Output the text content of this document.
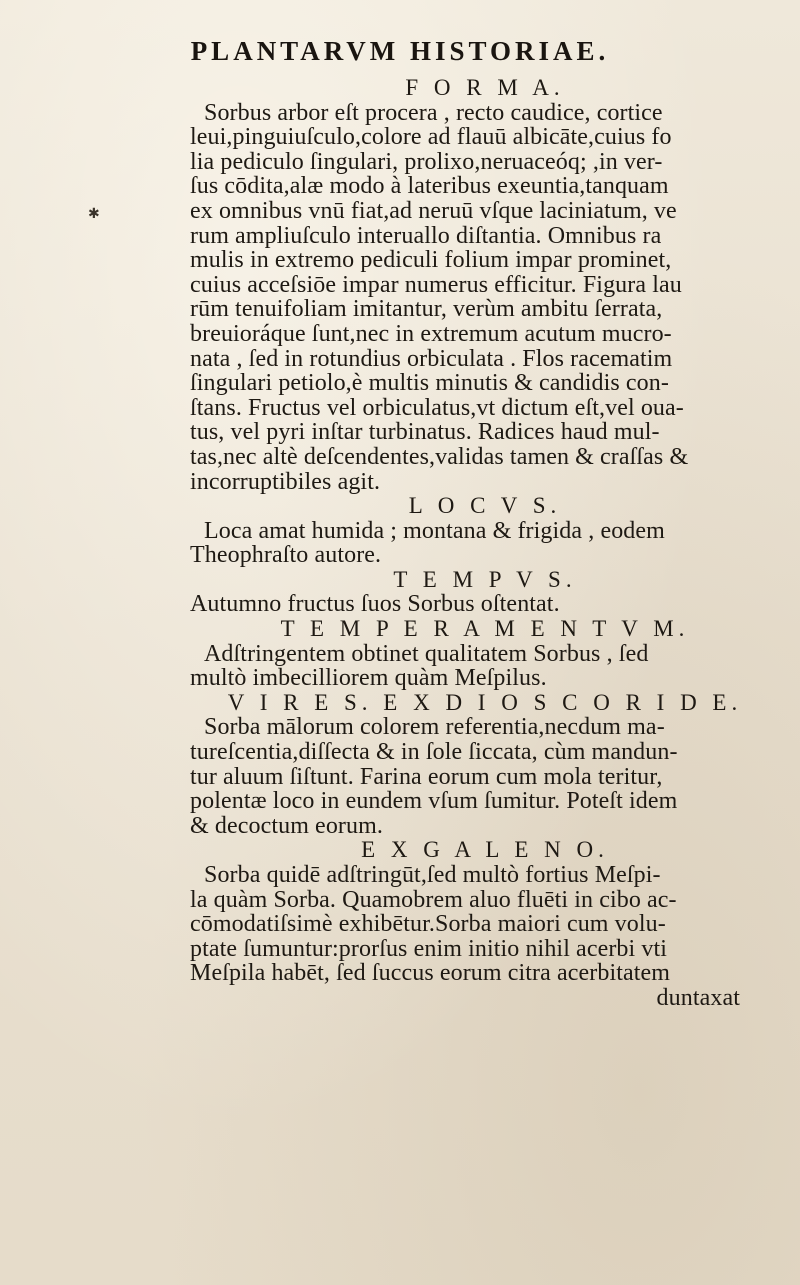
PLANTARVM HISTORIAE.
F O R M A.
Sorbus arbor eſt procera , recto caudice, cortice
leui,pinguiuſculo,colore ad flauū albicāte,cuius fo
lia pediculo ſingulari, prolixo,neruaceóq; ,in ver-
ſus cōdita,alæ modo à lateribus exeuntia,tanquam
ex omnibus vnū fiat,ad neruū vſque laciniatum, ve
rum ampliuſculo interuallo diſtantia. Omnibus ra
mulis in extremo pediculi folium impar prominet,
cuius acceſsiōe impar numerus efficitur. Figura lau
rūm tenuifoliam imitantur, verùm ambitu ſerrata,
breuioráque ſunt,nec in extremum acutum mucro-
nata , ſed in rotundius orbiculata . Flos racematim
ſingulari petiolo,è multis minutis & candidis con-
ſtans. Fructus vel orbiculatus,vt dictum eſt,vel oua-
tus, vel pyri inſtar turbinatus. Radices haud mul-
tas,nec altè deſcendentes,validas tamen & craſſas &
incorruptibiles agit.
L O C V S.
Loca amat humida ; montana & frigida , eodem
Theophraſto autore.
T E M P V S.
Autumno fructus ſuos Sorbus oſtentat.
T E M P E R A M E N T V M.
Adſtringentem obtinet qualitatem Sorbus , ſed
multò imbecilliorem quàm Meſpilus.
V I R E S. E X D I O S C O R I D E.
Sorba mālorum colorem referentia,necdum ma-
tureſcentia,diſſecta & in ſole ſiccata, cùm mandun-
tur aluum ſiſtunt. Farina eorum cum mola teritur,
polentæ loco in eundem vſum ſumitur. Poteſt idem
& decoctum eorum.
E X G A L E N O.
Sorba quidē adſtringūt,ſed multò fortius Meſpi-
la quàm Sorba. Quamobrem aluo fluēti in cibo ac-
cōmodatiſsimè exhibētur.Sorba maiori cum volu-
ptate ſumuntur:prorſus enim initio nihil acerbi vti
Meſpila habēt, ſed ſuccus eorum citra acerbitatem
duntaxat
✱
